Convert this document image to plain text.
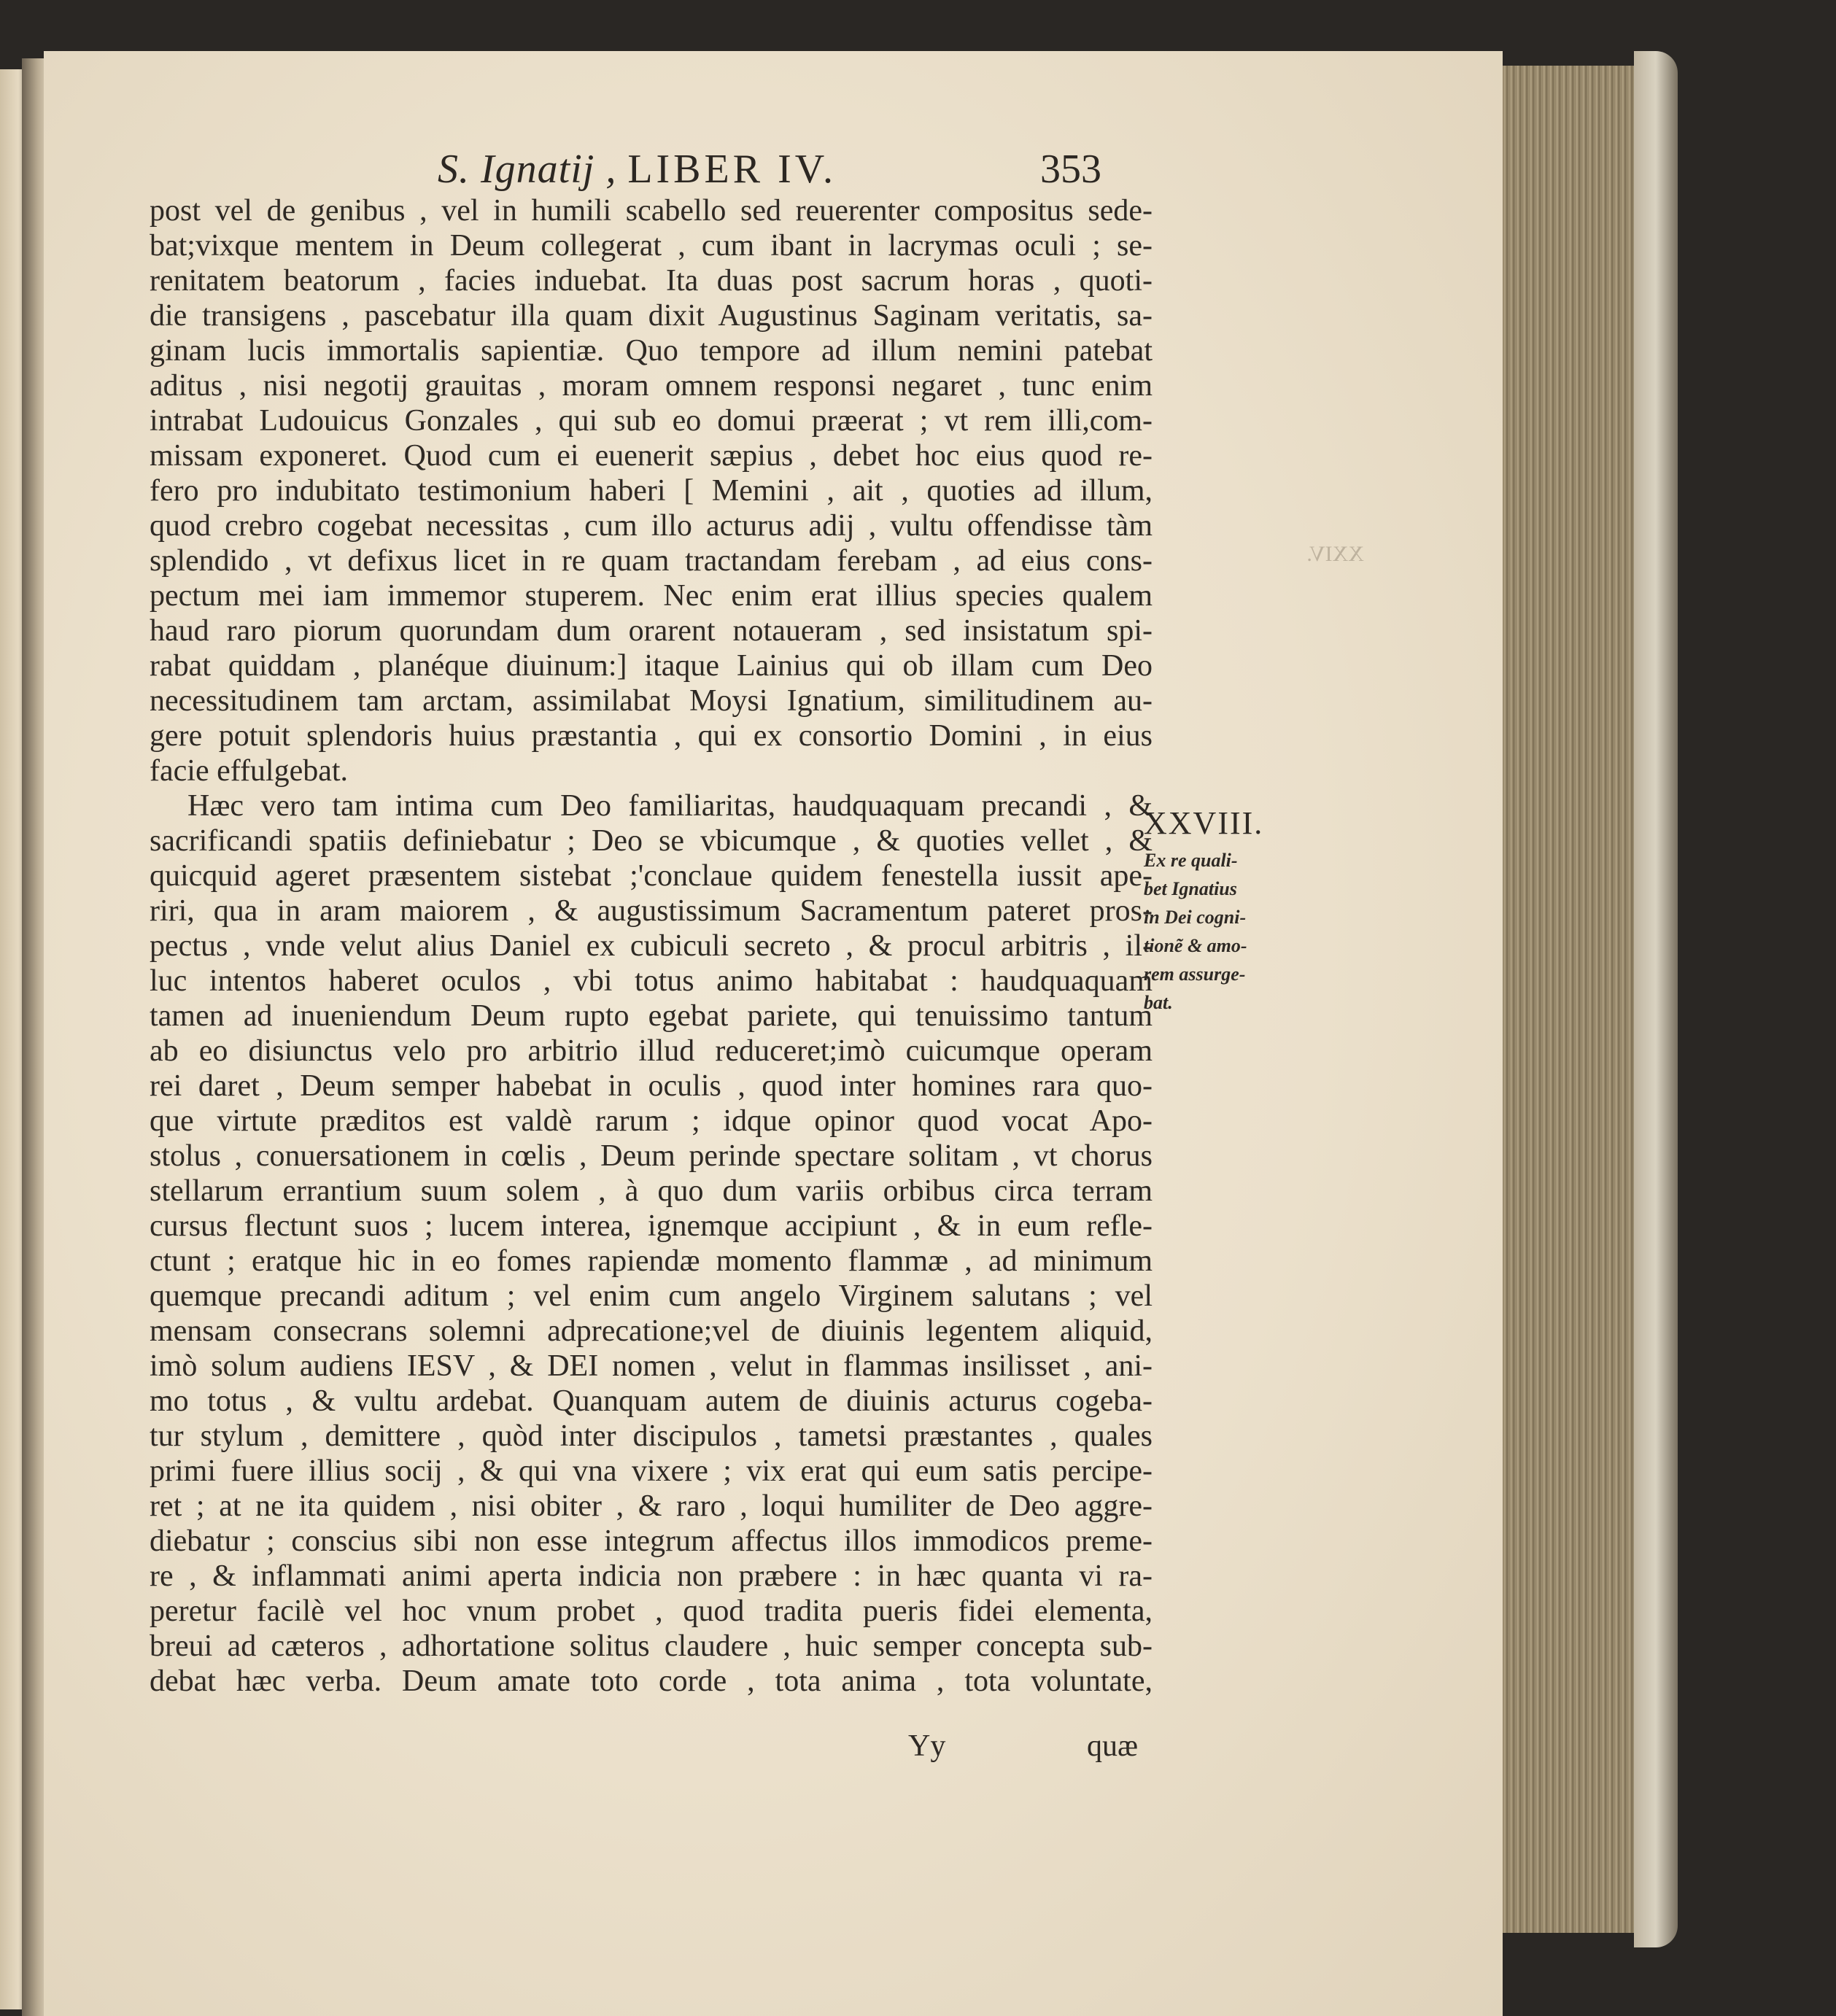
XXIV.
S. Ignatij , LIBER IV.	353
post vel de genibus , vel in humili scabello sed reuerenter compositus sede-
bat;vixque mentem in Deum collegerat , cum ibant in lacrymas oculi ; se-
renitatem beatorum , facies induebat. Ita duas post sacrum horas , quoti-
die transigens , pascebatur illa quam dixit Augustinus Saginam veritatis, sa-
ginam lucis immortalis sapientiæ. Quo tempore ad illum nemini patebat
aditus , nisi negotij grauitas , moram omnem responsi negaret , tunc enim
intrabat Ludouicus Gonzales , qui sub eo domui præerat ; vt rem illi,com-
missam exponeret. Quod cum ei euenerit sæpius , debet hoc eius quod re-
fero pro indubitato testimonium haberi [ Memini , ait , quoties ad illum,
quod crebro cogebat necessitas , cum illo acturus adij , vultu offendisse tàm
splendido , vt defixus licet in re quam tractandam ferebam , ad eius cons-
pectum mei iam immemor stuperem. Nec enim erat illius species qualem
haud raro piorum quorundam dum orarent notaueram , sed insistatum spi-
rabat quiddam , planéque diuinum:] itaque Lainius qui ob illam cum Deo
necessitudinem tam arctam, assimilabat Moysi Ignatium, similitudinem au-
gere potuit splendoris huius præstantia , qui ex consortio Domini , in eius
facie effulgebat.
Hæc vero tam intima cum Deo familiaritas, haudquaquam precandi , &
sacrificandi spatiis definiebatur ; Deo se vbicumque , & quoties vellet , &
quicquid ageret præsentem sistebat ;'conclaue quidem fenestella iussit ape-
riri, qua in aram maiorem , & augustissimum Sacramentum pateret pros-
pectus , vnde velut alius Daniel ex cubiculi secreto , & procul arbitris , il-
luc intentos haberet oculos , vbi totus animo habitabat : haudquaquam
tamen ad inueniendum Deum rupto egebat pariete, qui tenuissimo tantum
ab eo disiunctus velo pro arbitrio illud reduceret;imò cuicumque operam
rei daret , Deum semper habebat in oculis , quod inter homines rara quo-
que virtute præditos est valdè rarum ; idque opinor quod vocat Apo-
stolus , conuersationem in cœlis , Deum perinde spectare solitam , vt chorus
stellarum errantium suum solem , à quo dum variis orbibus circa terram
cursus flectunt suos ; lucem interea, ignemque accipiunt , & in eum refle-
ctunt ; eratque hic in eo fomes rapiendæ momento flammæ , ad minimum
quemque precandi aditum ; vel enim cum angelo Virginem salutans ; vel
mensam consecrans solemni adprecatione;vel de diuinis legentem aliquid,
imò solum audiens IESV , & DEI nomen , velut in flammas insilisset , ani-
mo totus , & vultu ardebat. Quanquam autem de diuinis acturus cogeba-
tur stylum , demittere , quòd inter discipulos , tametsi præstantes , quales
primi fuere illius socij , & qui vna vixere ; vix erat qui eum satis percipe-
ret ; at ne ita quidem , nisi obiter , & raro , loqui humiliter de Deo aggre-
diebatur ; conscius sibi non esse integrum affectus illos immodicos preme-
re , & inflammati animi aperta indicia non præbere : in hæc quanta vi ra-
peretur facilè vel hoc vnum probet , quod tradita pueris fidei elementa,
breui ad cæteros , adhortatione solitus claudere , huic semper concepta sub-
debat hæc verba. Deum amate toto corde , tota anima , tota voluntate,
XXVIII.
Ex re quali-
bet Ignatius
in Dei cogni-
tionẽ & amo-
rem assurge-
bat.
Yy	quæ
